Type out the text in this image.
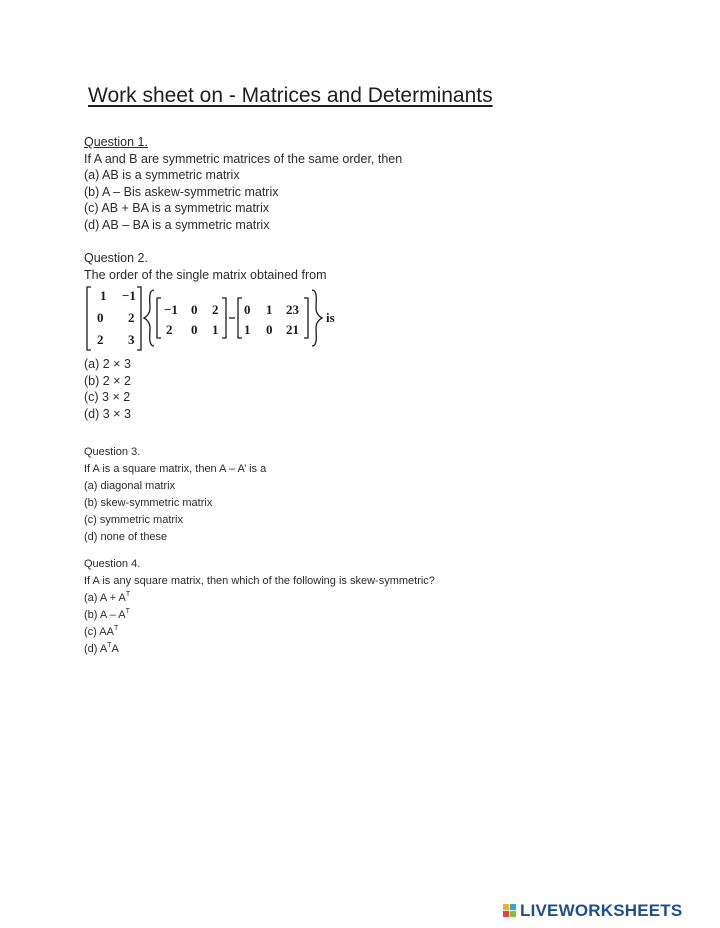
Work sheet on - Matrices and Determinants
Question 1.
If A and B are symmetric matrices of the same order, then
(a) AB is a symmetric matrix
(b) A – Bis askew-symmetric matrix
(c) AB + BA is a symmetric matrix
(d) AB – BA is a symmetric matrix
Question 2.
The order of the single matrix obtained from
1 −1
0 2
2 3
−1 0 2
2 0 1
0 1 23
1 0 21
is
(a) 2 × 3
(b) 2 × 2
(c) 3 × 2
(d) 3 × 3
Question 3.
If A is a square matrix, then A – A’ is a
(a) diagonal matrix
(b) skew-symmetric matrix
(c) symmetric matrix
(d) none of these
Question 4.
If A is any square matrix, then which of the following is skew-symmetric?
(a) $A + A^T$
(b) A – $A^T$
(c) $AA^T$
(d) $A^TA$
LIVEWORKSHEETS
